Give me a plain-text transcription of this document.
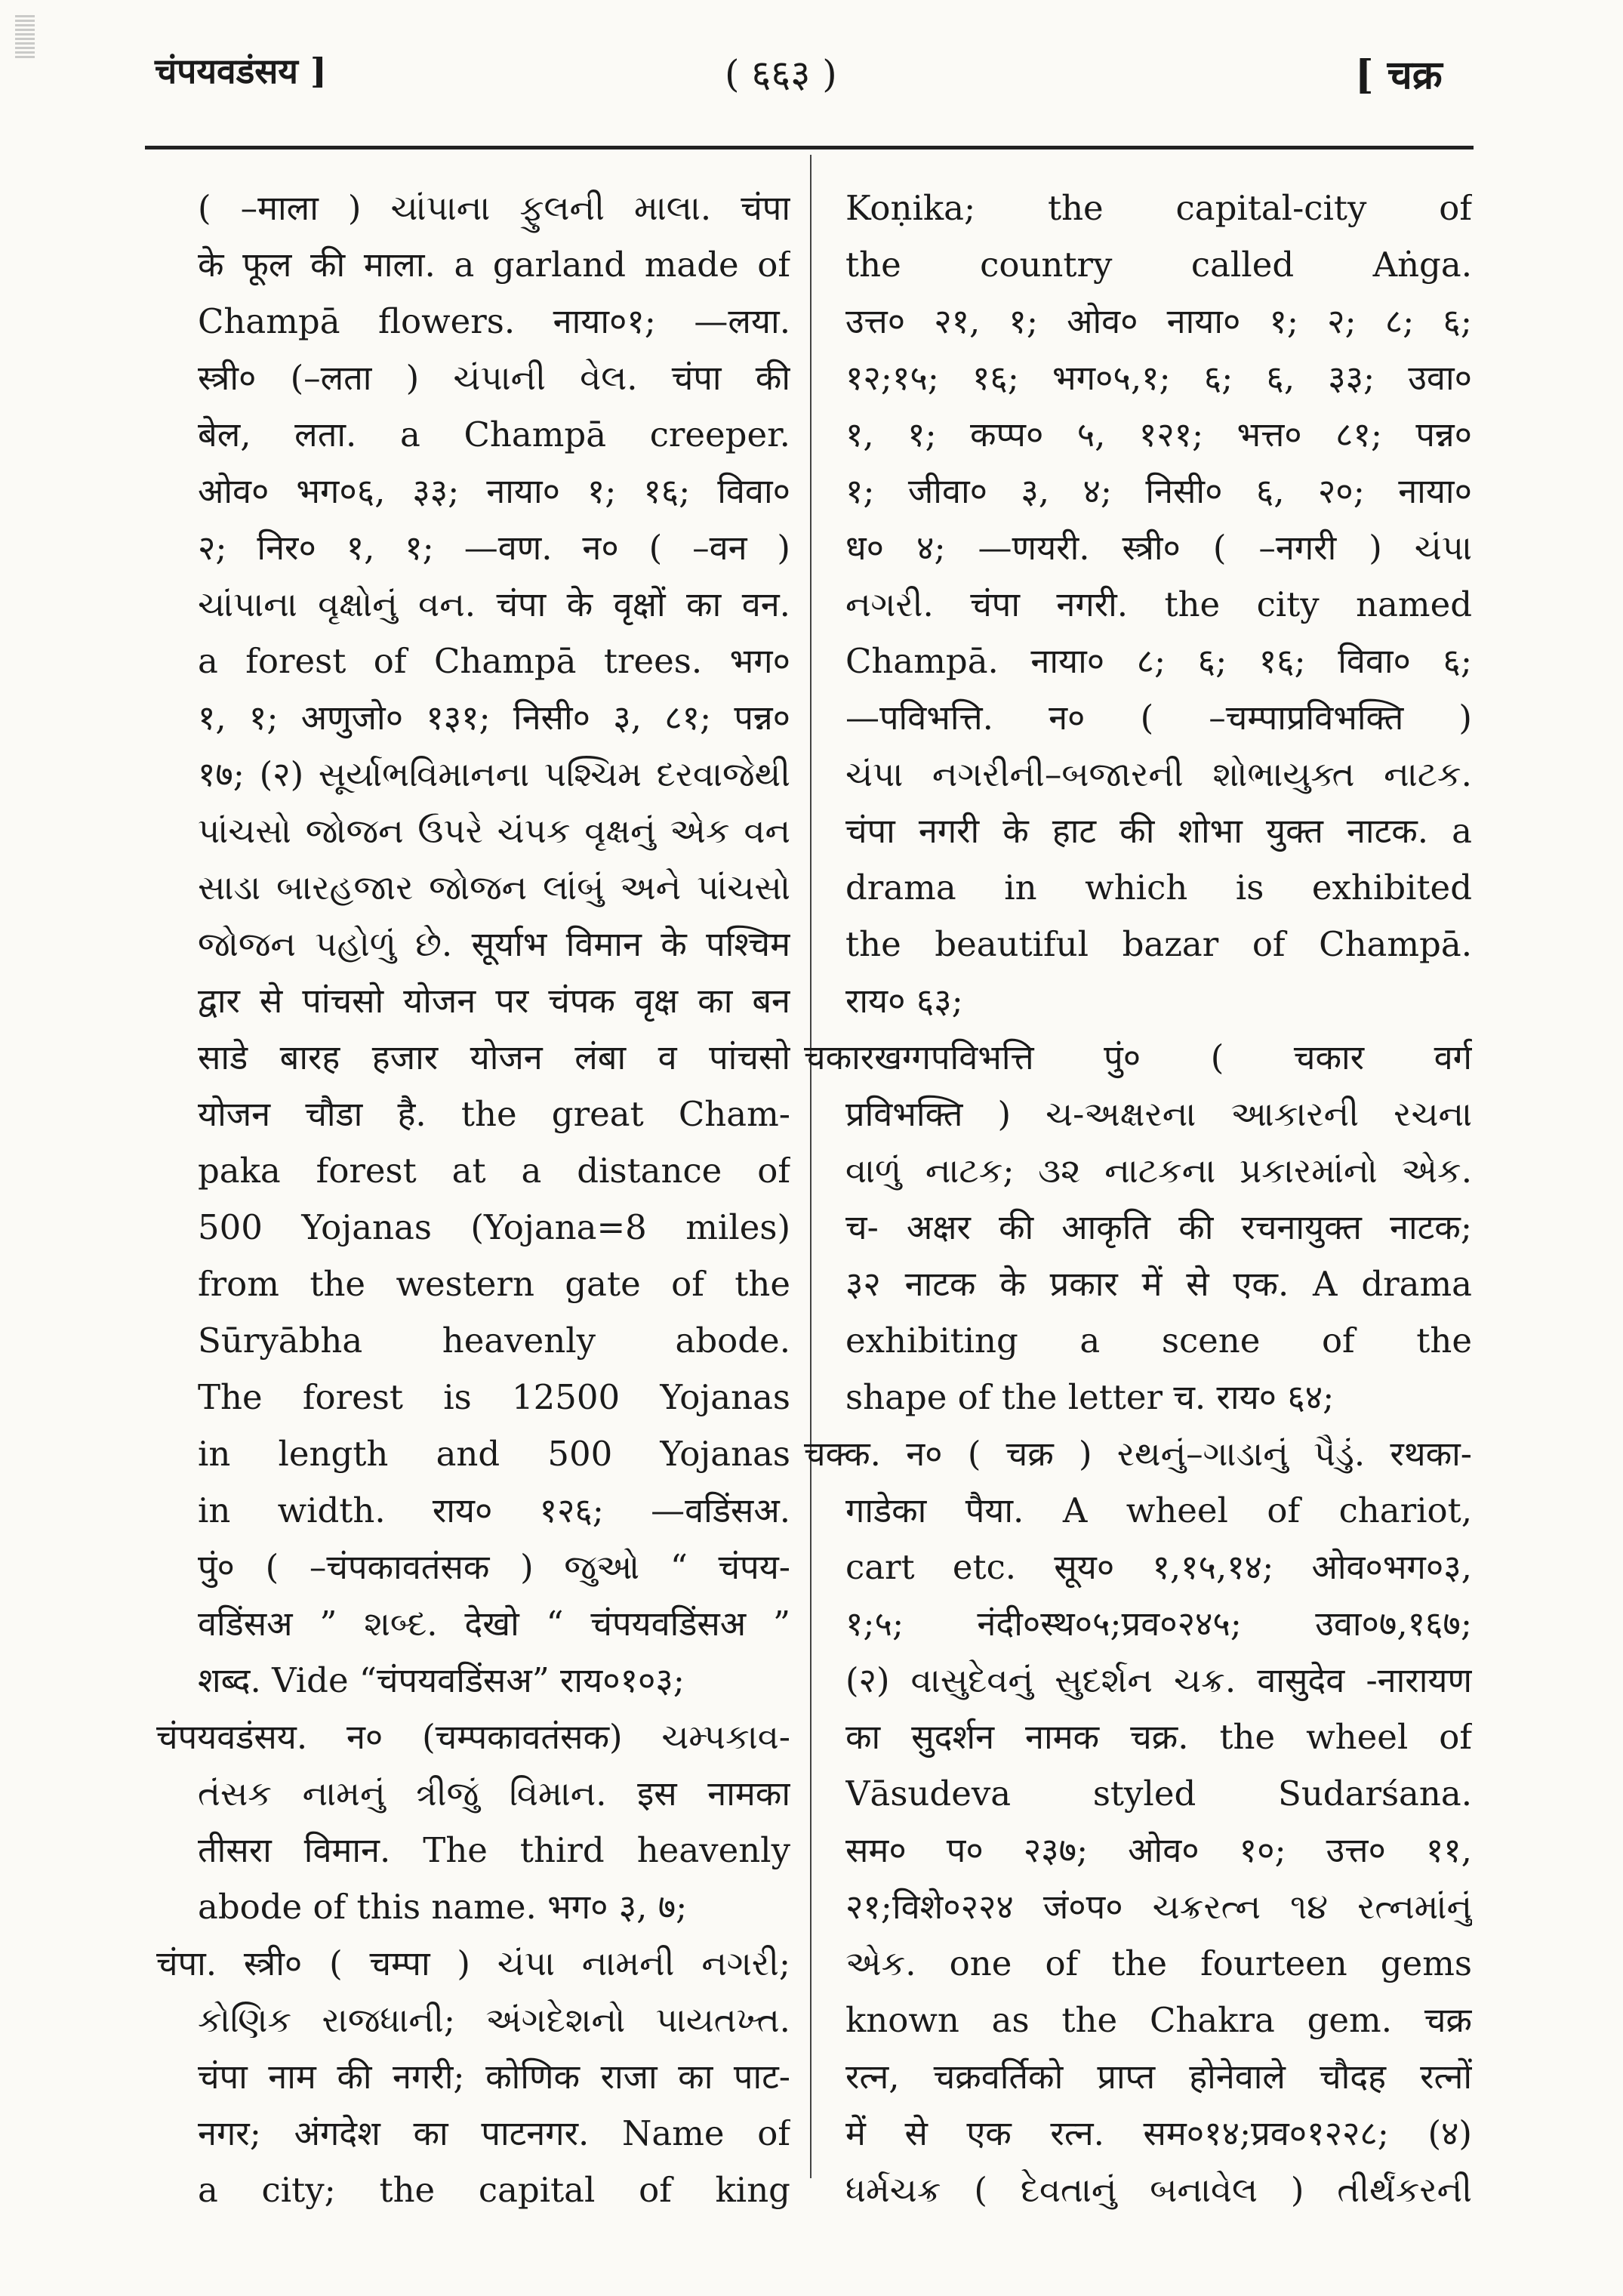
चंपयवडंसय ]	( ६६३ )	[ चक्र
( –माला ) ચાંપાના ફુલની માલા. चंपा
के फूल की माला. a garland made of
Champā flowers. नाया०१; —लया.
स्त्री० (–लता ) ચંપાની વેલ. चंपा की
बेल, लता. a Champā creeper.
ओव० भग०६, ३३; नाया० १; १६; विवा०
२; निर० १, १; —वण. न० ( –वन )
ચાંપાના વૃક્ષોનું વન. चंपा के वृक्षों का वन.
a forest of Champā trees. भग०
१, १; अणुजो० १३१; निसी० ३, ८१; पन्न०
१७; (२) સૂર્યાભવિમાનના પશ્ચિમ દરવાજેથી
પાંચસો જોજન ઉપરે ચંપક વૃક્ષનું એક વન
સાડા બારહજાર જોજન લાંબું અને પાંચસો
જોજન પહોળું છે. सूर्याभ विमान के पश्चिम
द्वार से पांचसो योजन पर चंपक वृक्ष का बन
साडे बारह हजार योजन लंबा व पांचसो
योजन चौडा है. the great Cham-
paka forest at a distance of
500 Yojanas (Yojana=8 miles)
from the western gate of the
Sūryābha heavenly abode.
The forest is 12500 Yojanas
in length and 500 Yojanas
in width. राय० १२६; —वडिंसअ.
पुं० ( –चंपकावतंसक ) જુઓ “ चंपय-
वडिंसअ ” શબ્દ. देखो “ चंपयवडिंसअ ”
शब्द. Vide “चंपयवडिंसअ” राय०१०३;
चंपयवडंसय. न० (चम्पकावतंसक) ચમ્પકાવ-
તંસક નામનું ત્રીજું વિમાન. इस नामका
तीसरा विमान. The third heavenly
abode of this name. भग० ३, ७;
चंपा. स्त्री० ( चम्पा ) ચંપા નામની નગરી;
કોણિક રાજધાની; અંગદેશનો પાયતખ્ત.
चंपा नाम की नगरी; कोणिक राजा का पाट-
नगर; अंगदेश का पाटनगर. Name of
a city; the capital of king
Koṇika; the capital-city of
the country called Aṅga.
उत्त० २१, १; ओव० नाया० १; २; ८; ६;
१२;१५; १६; भग०५,१; ६; ६, ३३; उवा०
१, १; कप्प० ५, १२१; भत्त० ८१; पन्न०
१; जीवा० ३, ४; निसी० ६, २०; नाया०
ध० ४; —णयरी. स्त्री० ( –नगरी ) ચંપા
નગરી. चंपा नगरी. the city named
Champā. नाया० ८; ६; १६; विवा० ६;
—पविभत्ति. न० ( –चम्पाप्रविभक्ति )
ચંપા નગરીની–બજારની શોભાયુક્ત નાટક.
चंपा नगरी के हाट की शोभा युक्त नाटक. a
drama in which is exhibited
the beautiful bazar of Champā.
राय० ६३;
चकारखग्गपविभत्ति पुं० ( चकार वर्ग
प्रविभक्ति ) ચ-અક્ષરના આકારની રચના
વાળું નાટક; ૩૨ નાટકના પ્રકારમાંનો એક.
च- अक्षर की आकृति की रचनायुक्त नाटक;
३२ नाटक के प्रकार में से एक. A drama
exhibiting a scene of the
shape of the letter च. राय० ६४;
चक्क. न० ( चक्र ) રથનું–ગાડાનું પૈડું. रथका-
गाडेका पैया. A wheel of chariot,
cart etc. सूय० १,१५,१४; ओव०भग०३,
१;५; नंदी०स्थ०५;प्रव०२४५; उवा०७,१६७;
(२) વાસુદેવનું સુદર્શન ચક્ર. वासुदेव -नारायण
का सुदर्शन नामक चक्र. the wheel of
Vāsudeva styled Sudarśana.
सम० प० २३७; ओव० १०; उत्त० ११,
२१;विशे०२२४ जं०प० ચક્રરત્ન ૧૪ રત્નમાંનું
એક. one of the fourteen gems
known as the Chakra gem. चक्र
रत्न, चक्रवर्तिको प्राप्त होनेवाले चौदह रत्नों
में से एक रत्न. सम०१४;प्रव०१२२८; (४)
ધર્મચક્ર ( દેવતાનું બનાવેલ ) તીર્થંકરની
